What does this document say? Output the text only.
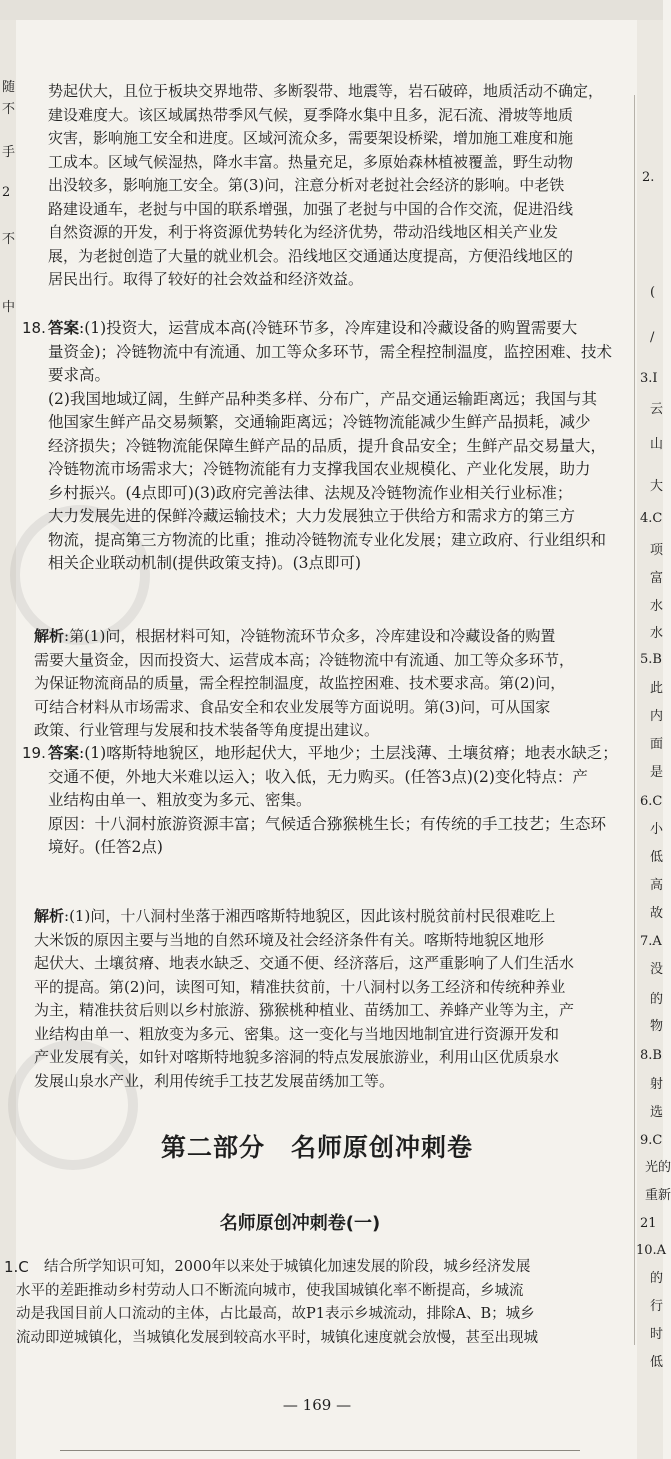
随
不
手
2
不
中
势起伏大，且位于板块交界地带、多断裂带、地震等，岩石破碎，地质活动不确定，
建设难度大。该区域属热带季风气候，夏季降水集中且多，泥石流、滑坡等地质
灾害，影响施工安全和进度。区域河流众多，需要架设桥梁，增加施工难度和施
工成本。区域气候湿热，降水丰富。热量充足，多原始森林植被覆盖，野生动物
出没较多，影响施工安全。第(3)问，注意分析对老挝社会经济的影响。中老铁
路建设通车，老挝与中国的联系增强，加强了老挝与中国的合作交流，促进沿线
自然资源的开发，利于将资源优势转化为经济优势，带动沿线地区相关产业发
展，为老挝创造了大量的就业机会。沿线地区交通通达度提高，方便沿线地区的
居民出行。取得了较好的社会效益和经济效益。
18. 答案:(1)投资大，运营成本高(冷链环节多，冷库建设和冷藏设备的购置需要大
量资金)；冷链物流中有流通、加工等众多环节，需全程控制温度，监控困难、技术
要求高。
(2)我国地域辽阔，生鲜产品种类多样、分布广，产品交通运输距离远；我国与其
他国家生鲜产品交易频繁，交通输距离远；冷链物流能减少生鲜产品损耗，减少
经济损失；冷链物流能保障生鲜产品的品质，提升食品安全；生鲜产品交易量大，
冷链物流市场需求大；冷链物流能有力支撑我国农业规模化、产业化发展，助力
乡村振兴。(4点即可)(3)政府完善法律、法规及冷链物流作业相关行业标准；
大力发展先进的保鲜冷藏运输技术；大力发展独立于供给方和需求方的第三方
物流，提高第三方物流的比重；推动冷链物流专业化发展；建立政府、行业组织和
相关企业联动机制(提供政策支持)。(3点即可)
解析:第(1)问，根据材料可知，冷链物流环节众多，冷库建设和冷藏设备的购置
需要大量资金，因而投资大、运营成本高；冷链物流中有流通、加工等众多环节，
为保证物流商品的质量，需全程控制温度，故监控困难、技术要求高。第(2)问，
可结合材料从市场需求、食品安全和农业发展等方面说明。第(3)问，可从国家
政策、行业管理与发展和技术装备等角度提出建议。
19. 答案:(1)喀斯特地貌区，地形起伏大，平地少；土层浅薄、土壤贫瘠；地表水缺乏；
交通不便，外地大米难以运入；收入低，无力购买。(任答3点)(2)变化特点：产
业结构由单一、粗放变为多元、密集。
原因：十八洞村旅游资源丰富；气候适合猕猴桃生长；有传统的手工技艺；生态环
境好。(任答2点)
解析:(1)问，十八洞村坐落于湘西喀斯特地貌区，因此该村脱贫前村民很难吃上
大米饭的原因主要与当地的自然环境及社会经济条件有关。喀斯特地貌区地形
起伏大、土壤贫瘠、地表水缺乏、交通不便、经济落后，这严重影响了人们生活水
平的提高。第(2)问，读图可知，精准扶贫前，十八洞村以务工经济和传统种养业
为主，精准扶贫后则以乡村旅游、猕猴桃种植业、苗绣加工、养蜂产业等为主，产
业结构由单一、粗放变为多元、密集。这一变化与当地因地制宜进行资源开发和
产业发展有关，如针对喀斯特地貌多溶洞的特点发展旅游业，利用山区优质泉水
发展山泉水产业，利用传统手工技艺发展苗绣加工等。
第二部分　名师原创冲刺卷
名师原创冲刺卷(一)
1.C	结合所学知识可知，2000年以来处于城镇化加速发展的阶段，城乡经济发展
水平的差距推动乡村劳动人口不断流向城市，使我国城镇化率不断提高，乡城流
动是我国目前人口流动的主体，占比最高，故P1表示乡城流动，排除A、B；城乡
流动即逆城镇化，当城镇化发展到较高水平时，城镇化速度就会放慢，甚至出现城
— 169 —
2.
(
/
3.I
云
山
大
4.C
项
富
水
水
5.B
此
内
面
是
6.C
小
低
高
故
7.A
没
的
物
8.B
射
选
9.C
光的
重新
21
10.A
的
行
时
低
